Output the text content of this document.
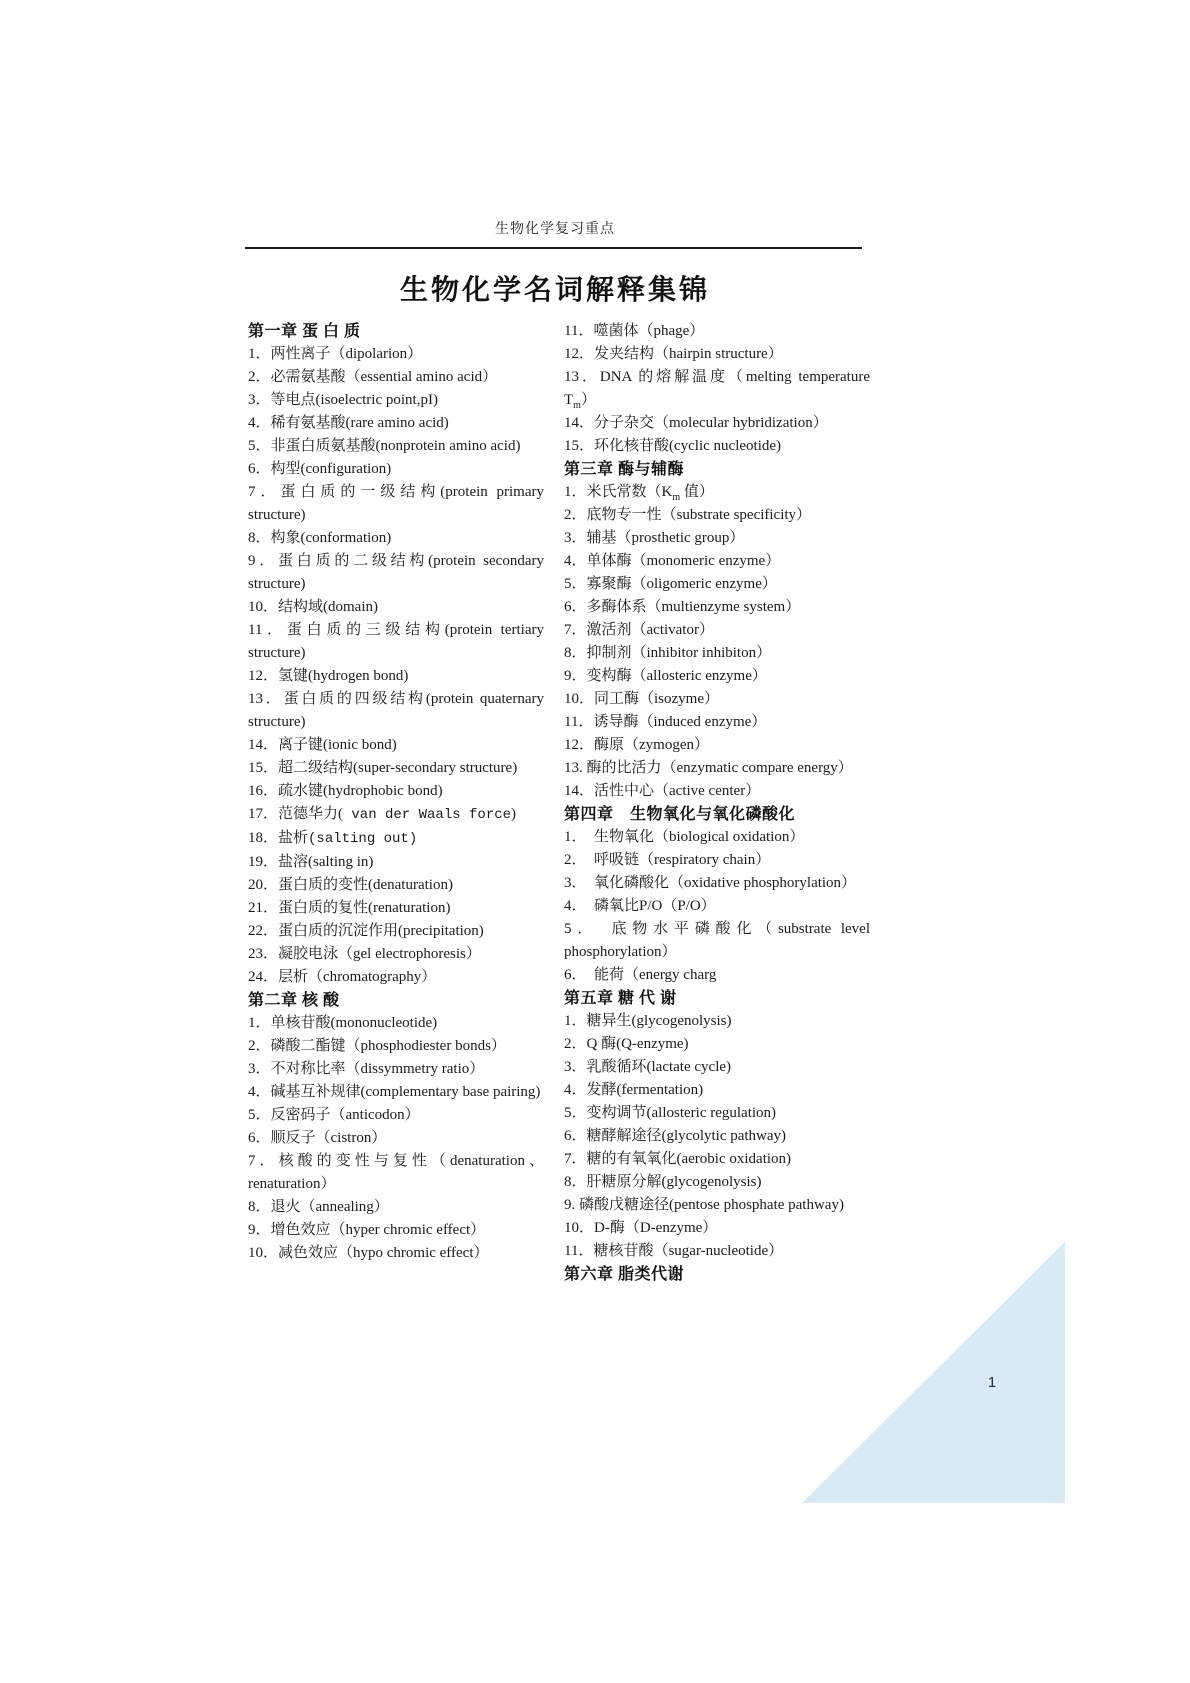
生物化学复习重点
生物化学名词解释集锦
第一章 蛋 白 质
1．两性离子（dipolarion）
2．必需氨基酸（essential amino acid）
3．等电点(isoelectric point,pI)
4．稀有氨基酸(rare amino acid)
5．非蛋白质氨基酸(nonprotein amino acid)
6．构型(configuration)
7．蛋白质的一级结构(protein primary structure)
8．构象(conformation)
9．蛋白质的二级结构(protein secondary structure)
10．结构域(domain)
11．蛋白质的三级结构(protein tertiary structure)
12．氢键(hydrogen bond)
13．蛋白质的四级结构(protein quaternary structure)
14．离子键(ionic bond)
15．超二级结构(super-secondary structure)
16．疏水键(hydrophobic bond)
17．范德华力( van der Waals force)
18．盐析(salting out)
19．盐溶(salting in)
20．蛋白质的变性(denaturation)
21．蛋白质的复性(renaturation)
22．蛋白质的沉淀作用(precipitation)
23．凝胶电泳（gel electrophoresis）
24．层析（chromatography）
第二章 核 酸
1．单核苷酸(mononucleotide)
2．磷酸二酯键（phosphodiester bonds）
3．不对称比率（dissymmetry ratio）
4．碱基互补规律(complementary base pairing)
5．反密码子（anticodon）
6．顺反子（cistron）
7．核酸的变性与复性（denaturation、renaturation）
8．退火（annealing）
9．增色效应（hyper chromic effect）
10．减色效应（hypo chromic effect）
11．噬菌体（phage）
12．发夹结构（hairpin structure）
13．DNA 的熔解温度（melting temperature $T_m$）
14．分子杂交（molecular hybridization）
15．环化核苷酸(cyclic nucleotide)
第三章 酶与辅酶
1．米氏常数（$K_m$ 值）
2．底物专一性（substrate specificity）
3．辅基（prosthetic group）
4．单体酶（monomeric enzyme）
5．寡聚酶（oligomeric enzyme）
6．多酶体系（multienzyme system）
7．激活剂（activator）
8．抑制剂（inhibitor inhibiton）
9．变构酶（allosteric enzyme）
10．同工酶（isozyme）
11．诱导酶（induced enzyme）
12．酶原（zymogen）
13. 酶的比活力（enzymatic compare energy）
14．活性中心（active center）
第四章　生物氧化与氧化磷酸化
1．　生物氧化（biological oxidation）
2．　呼吸链（respiratory chain）
3．　氧化磷酸化（oxidative phosphorylation）
4．　磷氧比P/O（P/O）
5．　底物水平磷酸化（substrate level phosphorylation）
6．　能荷（energy charg
第五章 糖 代 谢
1．糖异生(glycogenolysis)
2．Q 酶(Q-enzyme)
3．乳酸循环(lactate cycle)
4．发酵(fermentation)
5．变构调节(allosteric regulation)
6．糖酵解途径(glycolytic pathway)
7．糖的有氧氧化(aerobic oxidation)
8．肝糖原分解(glycogenolysis)
9. 磷酸戊糖途径(pentose phosphate pathway)
10．D-酶（D-enzyme）
11．糖核苷酸（sugar-nucleotide）
第六章 脂类代谢
1
